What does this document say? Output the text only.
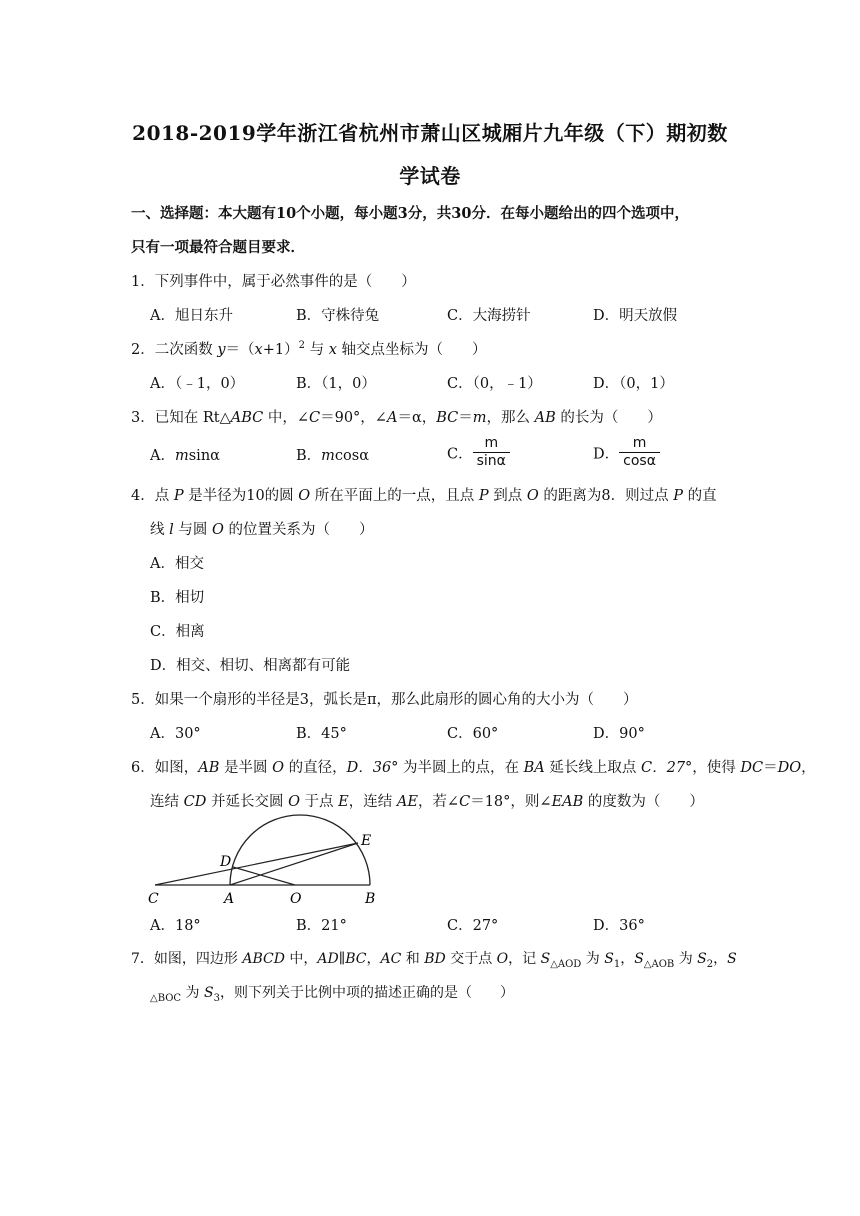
2018-2019学年浙江省杭州市萧山区城厢片九年级（下）期初数
学试卷
一、选择题：本大题有10个小题，每小题3分，共30分．在每小题给出的四个选项中，
只有一项最符合题目要求．
1．下列事件中，属于必然事件的是（　　）
A．旭日东升	B．守株待兔	C．大海捞针	D．明天放假
2．二次函数 $y=(x+1)^2$ 与 x 轴交点坐标为（　　）
A．（﹣1，0）	B．（1，0）	C．（0，﹣1）	D．（0，1）
3．已知在 Rt△ABC 中，∠C＝90°，∠A＝α，BC＝m，那么 AB 的长为（　　）
A．msinα	B．mcosα	C． $\frac{m}{\sin\alpha}$	D． $\frac{m}{\cos\alpha}$
4．点 P 是半径为10的圆 O 所在平面上的一点，且点 P 到点 O 的距离为8．则过点 P 的直
线 l 与圆 O 的位置关系为（　　）
A．相交
B．相切
C．相离
D．相交、相切、相离都有可能
5．如果一个扇形的半径是3，弧长是π，那么此扇形的圆心角的大小为（　　）
A．30°	B．45°	C．60°	D．90°
6．如图，AB 是半圆 O 的直径，D．36° 为半圆上的点，在 BA 延长线上取点 C．27°，使得 DC＝DO，
连结 CD 并延长交圆 O 于点 E，连结 AE，若∠C＝18°，则∠EAB 的度数为（　　）
C	A	O	B
D
E
A．18°	B．21°	C．27°	D．36°
7．如图，四边形 ABCD 中，AD∥BC，AC 和 BD 交于点 O，记 $S_{\triangle AOD}$ 为 $S_1$，$S_{\triangle AOB}$ 为 $S_2$，S
$_{\triangle BOC}$ 为 $S_3$，则下列关于比例中项的描述正确的是（　　）
